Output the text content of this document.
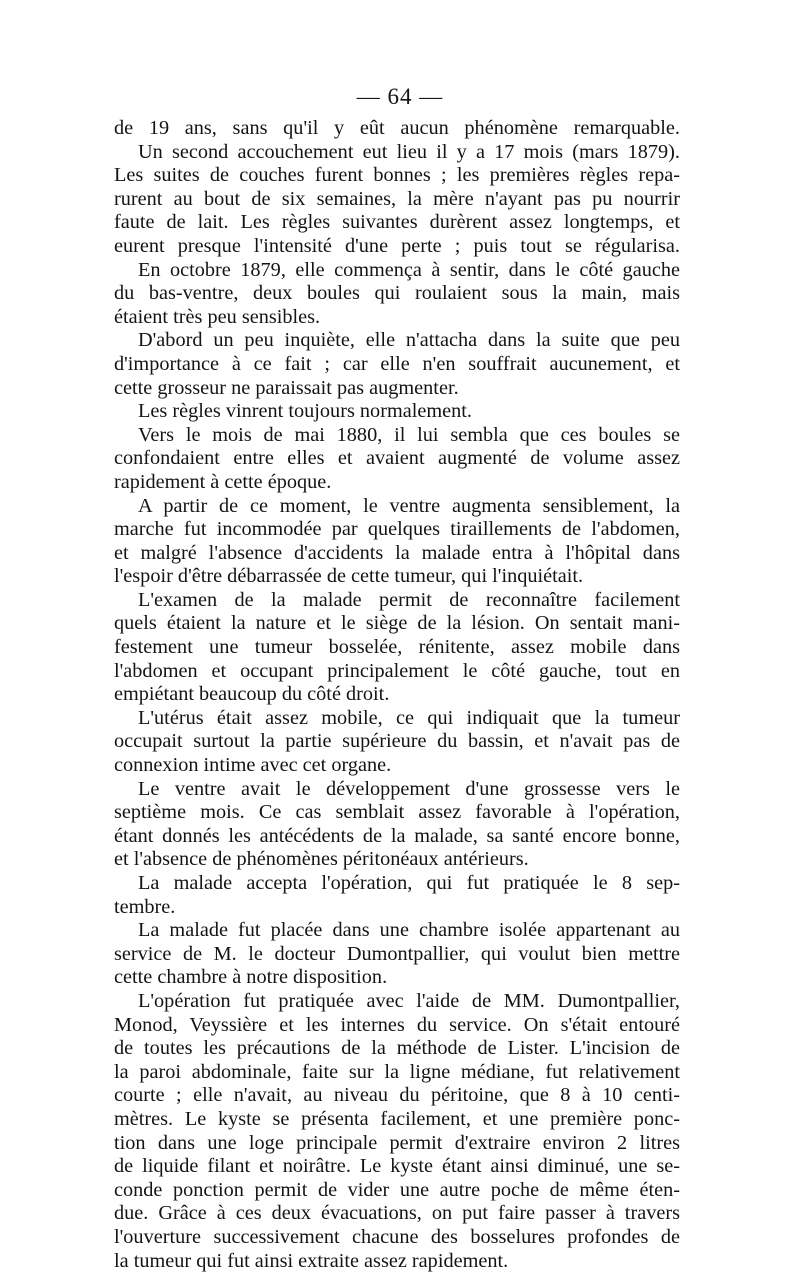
— 64 —
de 19 ans, sans qu'il y eût aucun phénomène remarquable.
Un second accouchement eut lieu il y a 17 mois (mars 1879).
Les suites de couches furent bonnes ; les premières règles repa-
rurent au bout de six semaines, la mère n'ayant pas pu nourrir
faute de lait. Les règles suivantes durèrent assez longtemps, et
eurent presque l'intensité d'une perte ; puis tout se régularisa.
En octobre 1879, elle commença à sentir, dans le côté gauche
du bas-ventre, deux boules qui roulaient sous la main, mais
étaient très peu sensibles.
D'abord un peu inquiète, elle n'attacha dans la suite que peu
d'importance à ce fait ; car elle n'en souffrait aucunement, et
cette grosseur ne paraissait pas augmenter.
Les règles vinrent toujours normalement.
Vers le mois de mai 1880, il lui sembla que ces boules se
confondaient entre elles et avaient augmenté de volume assez
rapidement à cette époque.
A partir de ce moment, le ventre augmenta sensiblement, la
marche fut incommodée par quelques tiraillements de l'abdomen,
et malgré l'absence d'accidents la malade entra à l'hôpital dans
l'espoir d'être débarrassée de cette tumeur, qui l'inquiétait.
L'examen de la malade permit de reconnaître facilement
quels étaient la nature et le siège de la lésion. On sentait mani-
festement une tumeur bosselée, rénitente, assez mobile dans
l'abdomen et occupant principalement le côté gauche, tout en
empiétant beaucoup du côté droit.
L'utérus était assez mobile, ce qui indiquait que la tumeur
occupait surtout la partie supérieure du bassin, et n'avait pas de
connexion intime avec cet organe.
Le ventre avait le développement d'une grossesse vers le
septième mois. Ce cas semblait assez favorable à l'opération,
étant donnés les antécédents de la malade, sa santé encore bonne,
et l'absence de phénomènes péritonéaux antérieurs.
La malade accepta l'opération, qui fut pratiquée le 8 sep-
tembre.
La malade fut placée dans une chambre isolée appartenant au
service de M. le docteur Dumontpallier, qui voulut bien mettre
cette chambre à notre disposition.
L'opération fut pratiquée avec l'aide de MM. Dumontpallier,
Monod, Veyssière et les internes du service. On s'était entouré
de toutes les précautions de la méthode de Lister. L'incision de
la paroi abdominale, faite sur la ligne médiane, fut relativement
courte ; elle n'avait, au niveau du péritoine, que 8 à 10 centi-
mètres. Le kyste se présenta facilement, et une première ponc-
tion dans une loge principale permit d'extraire environ 2 litres
de liquide filant et noirâtre. Le kyste étant ainsi diminué, une se-
conde ponction permit de vider une autre poche de même éten-
due. Grâce à ces deux évacuations, on put faire passer à travers
l'ouverture successivement chacune des bosselures profondes de
la tumeur qui fut ainsi extraite assez rapidement.
